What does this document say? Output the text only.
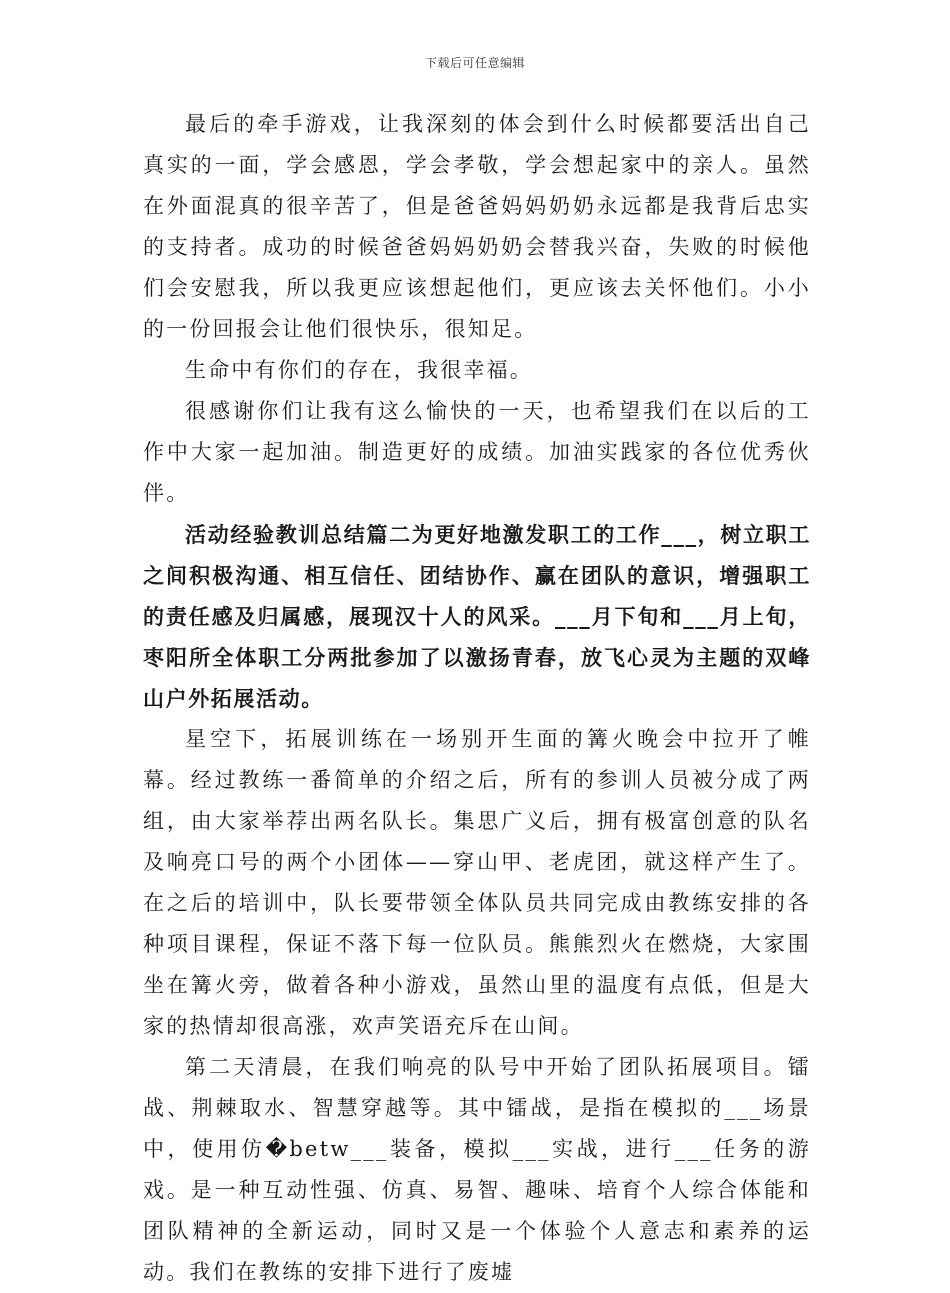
下载后可任意编辑

最后的牵手游戏，让我深刻的体会到什么时候都要活出自己真实的一面，学会感恩，学会孝敬，学会想起家中的亲人。虽然在外面混真的很辛苦了，但是爸爸妈妈奶奶永远都是我背后忠实的支持者。成功的时候爸爸妈妈奶奶会替我兴奋，失败的时候他们会安慰我，所以我更应该想起他们，更应该去关怀他们。小小的一份回报会让他们很快乐，很知足。

生命中有你们的存在，我很幸福。

很感谢你们让我有这么愉快的一天，也希望我们在以后的工作中大家一起加油。制造更好的成绩。加油实践家的各位优秀伙伴。

活动经验教训总结篇二为更好地激发职工的工作___，树立职工之间积极沟通、相互信任、团结协作、赢在团队的意识，增强职工的责任感及归属感，展现汉十人的风采。___月下旬和___月上旬，枣阳所全体职工分两批参加了以激扬青春，放飞心灵为主题的双峰山户外拓展活动。

星空下，拓展训练在一场别开生面的篝火晚会中拉开了帷幕。经过教练一番简单的介绍之后，所有的参训人员被分成了两组，由大家举荐出两名队长。集思广义后，拥有极富创意的队名及响亮口号的两个小团体——穿山甲、老虎团，就这样产生了。在之后的培训中，队长要带领全体队员共同完成由教练安排的各种项目课程，保证不落下每一位队员。熊熊烈火在燃烧，大家围坐在篝火旁，做着各种小游戏，虽然山里的温度有点低，但是大家的热情却很高涨，欢声笑语充斥在山间。

第二天清晨，在我们响亮的队号中开始了团队拓展项目。镭战、荆棘取水、智慧穿越等。其中镭战，是指在模拟的___场景中，使用仿�betw___装备，模拟___实战，进行___任务的游戏。是一种互动性强、仿真、易智、趣味、培育个人综合体能和团队精神的全新运动，同时又是一个体验个人意志和素养的运动。我们在教练的安排下进行了废墟
